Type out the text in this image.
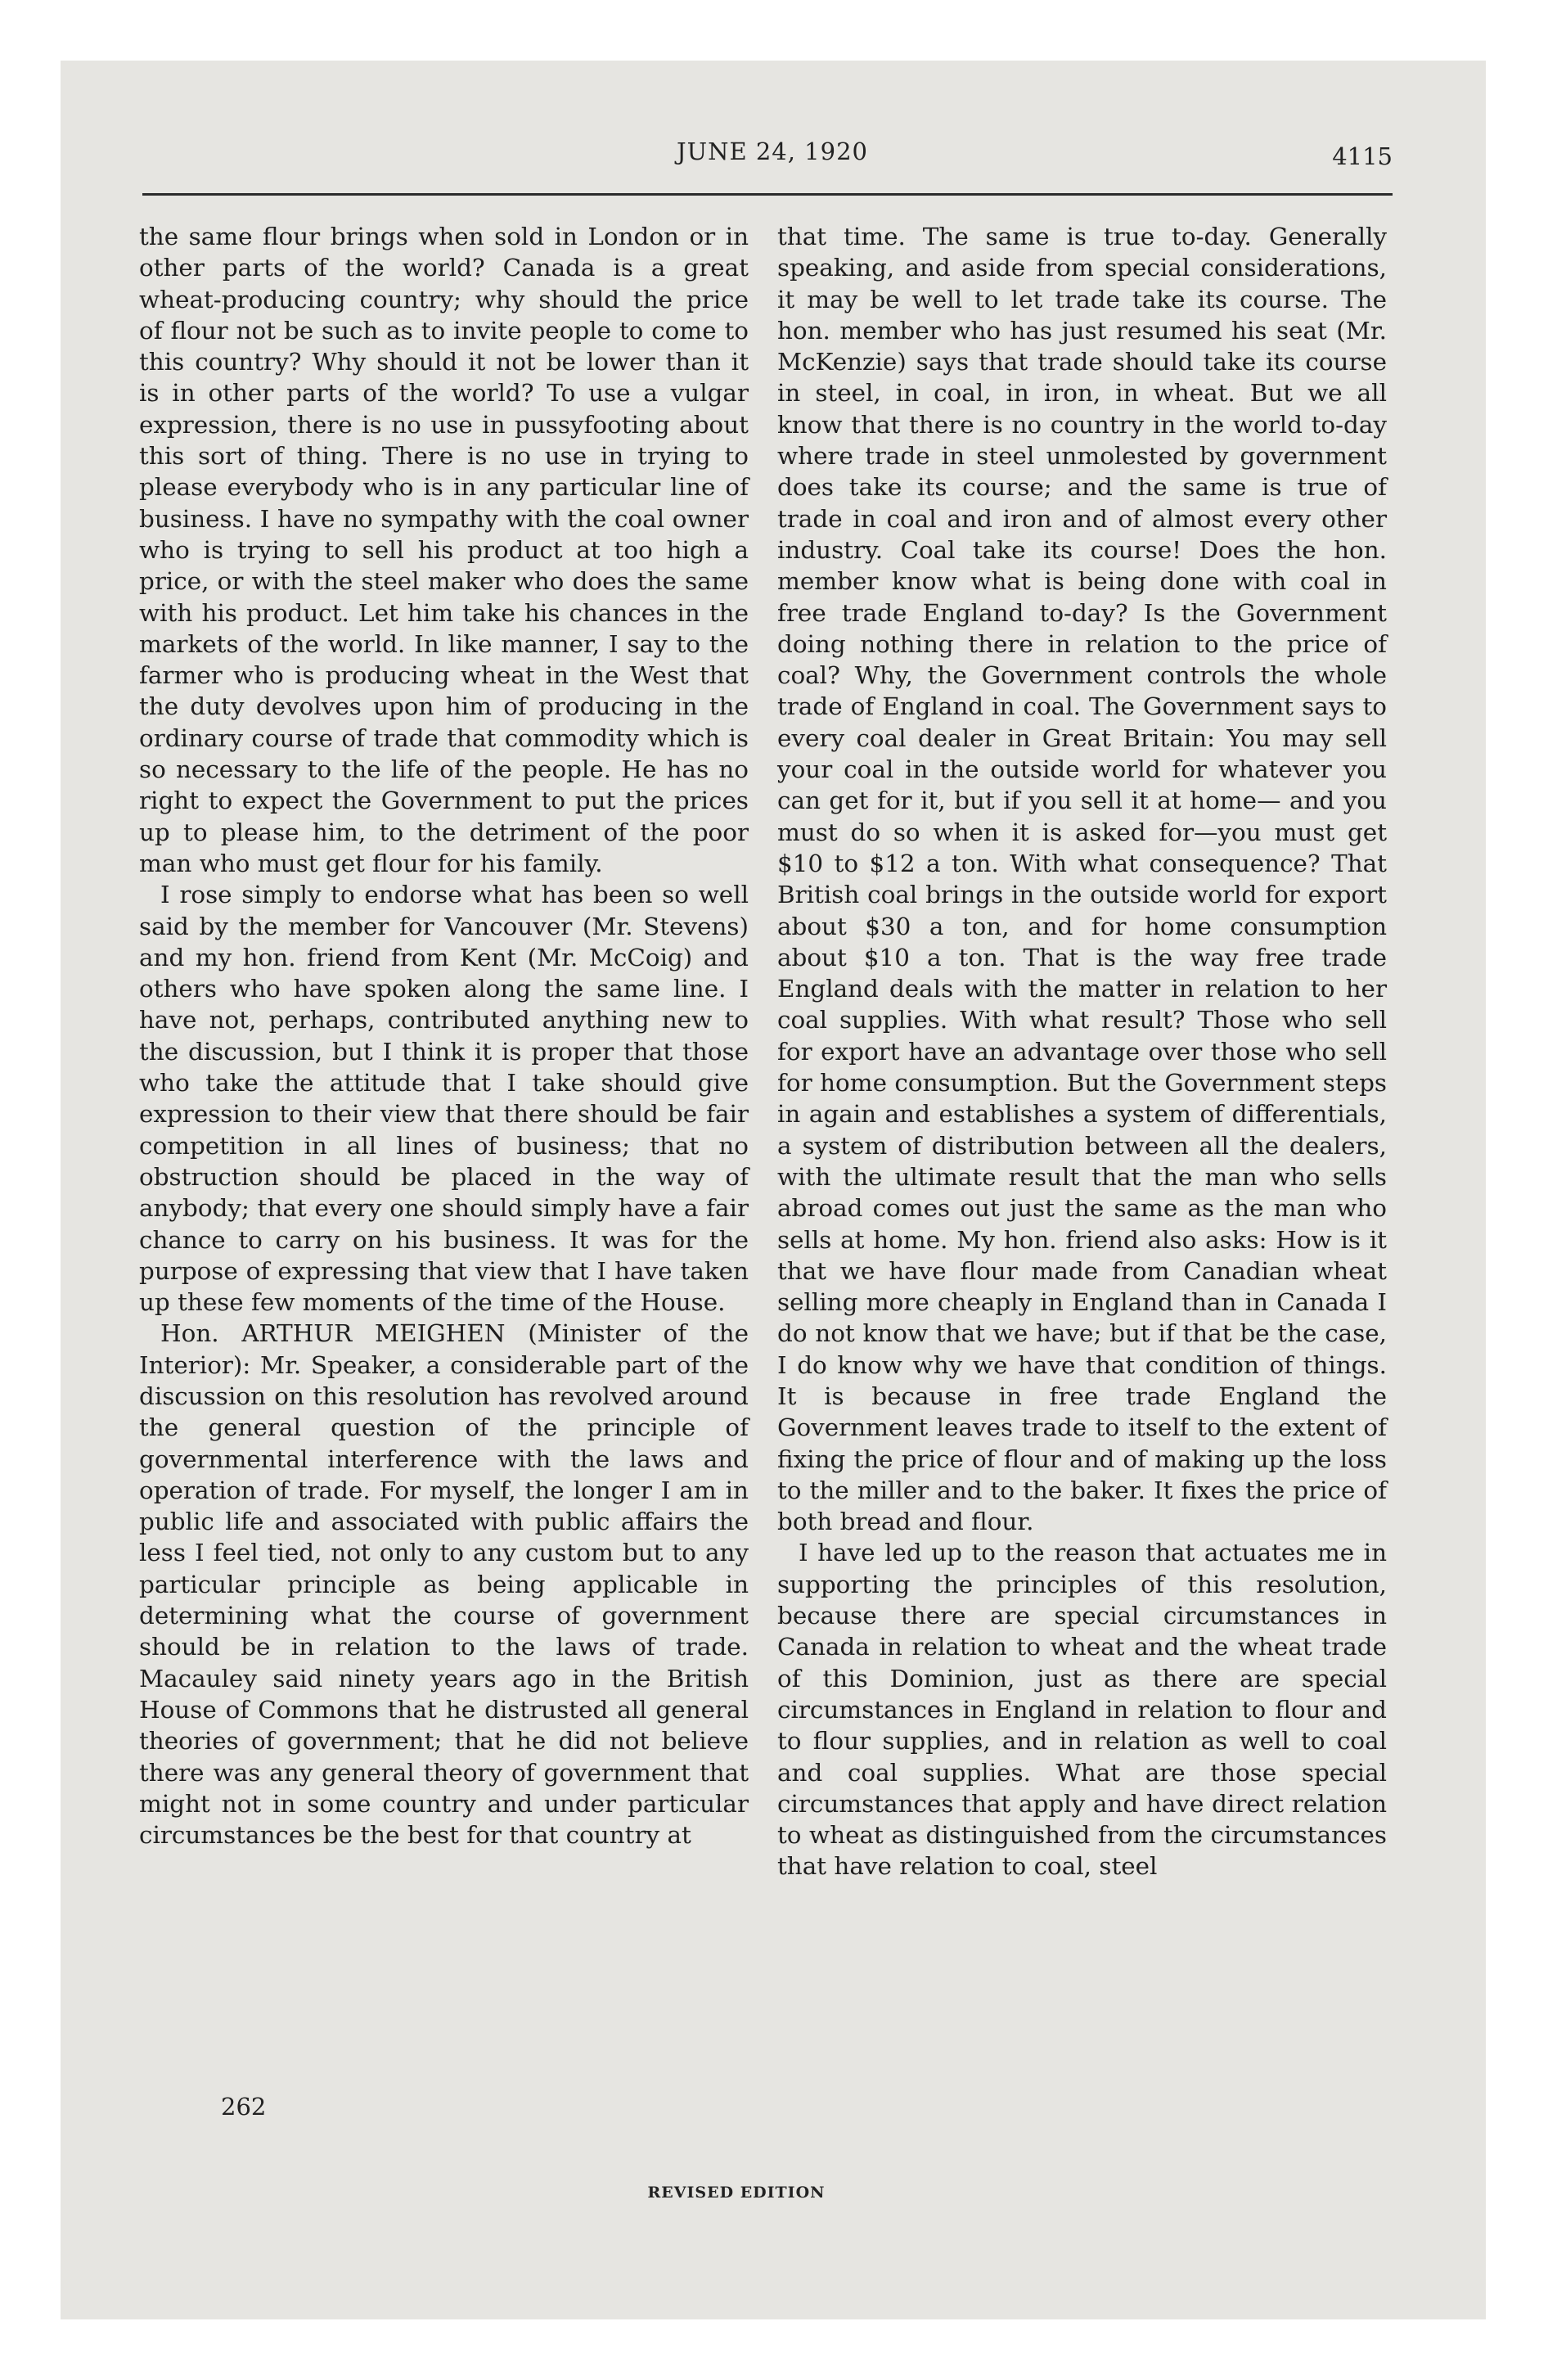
JUNE 24, 1920	4115

the same flour brings when sold in London or in other parts of the world? Canada is a great wheat-producing country; why should the price of flour not be such as to invite people to come to this country? Why should it not be lower than it is in other parts of the world? To use a vulgar expression, there is no use in pussyfooting about this sort of thing. There is no use in trying to please everybody who is in any particular line of business. I have no sympathy with the coal owner who is trying to sell his product at too high a price, or with the steel maker who does the same with his product. Let him take his chances in the markets of the world. In like manner, I say to the farmer who is producing wheat in the West that the duty devolves upon him of producing in the ordinary course of trade that commodity which is so necessary to the life of the people. He has no right to expect the Government to put the prices up to please him, to the detriment of the poor man who must get flour for his family.

I rose simply to endorse what has been so well said by the member for Vancouver (Mr. Stevens) and my hon. friend from Kent (Mr. McCoig) and others who have spoken along the same line. I have not, perhaps, contributed anything new to the discussion, but I think it is proper that those who take the attitude that I take should give expression to their view that there should be fair competition in all lines of business; that no obstruction should be placed in the way of anybody; that every one should simply have a fair chance to carry on his business. It was for the purpose of expressing that view that I have taken up these few moments of the time of the House.

Hon. ARTHUR MEIGHEN (Minister of the Interior): Mr. Speaker, a considerable part of the discussion on this resolution has revolved around the general question of the principle of governmental interference with the laws and operation of trade. For myself, the longer I am in public life and associated with public affairs the less I feel tied, not only to any custom but to any particular principle as being applicable in determining what the course of government should be in relation to the laws of trade. Macauley said ninety years ago in the British House of Commons that he distrusted all general theories of government; that he did not believe there was any general theory of government that might not in some country and under particular circumstances be the best for that country at

that time. The same is true to-day. Generally speaking, and aside from special considerations, it may be well to let trade take its course. The hon. member who has just resumed his seat (Mr. McKenzie) says that trade should take its course in steel, in coal, in iron, in wheat. But we all know that there is no country in the world to-day where trade in steel unmolested by government does take its course; and the same is true of trade in coal and iron and of almost every other industry. Coal take its course! Does the hon. member know what is being done with coal in free trade England to-day? Is the Government doing nothing there in relation to the price of coal? Why, the Government controls the whole trade of England in coal. The Government says to every coal dealer in Great Britain: You may sell your coal in the outside world for whatever you can get for it, but if you sell it at home— and you must do so when it is asked for—you must get $10 to $12 a ton. With what consequence? That British coal brings in the outside world for export about $30 a ton, and for home consumption about $10 a ton. That is the way free trade England deals with the matter in relation to her coal supplies. With what result? Those who sell for export have an advantage over those who sell for home consumption. But the Government steps in again and establishes a system of differentials, a system of distribution between all the dealers, with the ultimate result that the man who sells abroad comes out just the same as the man who sells at home. My hon. friend also asks: How is it that we have flour made from Canadian wheat selling more cheaply in England than in Canada I do not know that we have; but if that be the case, I do know why we have that condition of things. It is because in free trade England the Government leaves trade to itself to the extent of fixing the price of flour and of making up the loss to the miller and to the baker. It fixes the price of both bread and flour.

I have led up to the reason that actuates me in supporting the principles of this resolution, because there are special circumstances in Canada in relation to wheat and the wheat trade of this Dominion, just as there are special circumstances in England in relation to flour and to flour supplies, and in relation as well to coal and coal supplies. What are those special circumstances that apply and have direct relation to wheat as distinguished from the circumstances that have relation to coal, steel

262
REVISED EDITION
